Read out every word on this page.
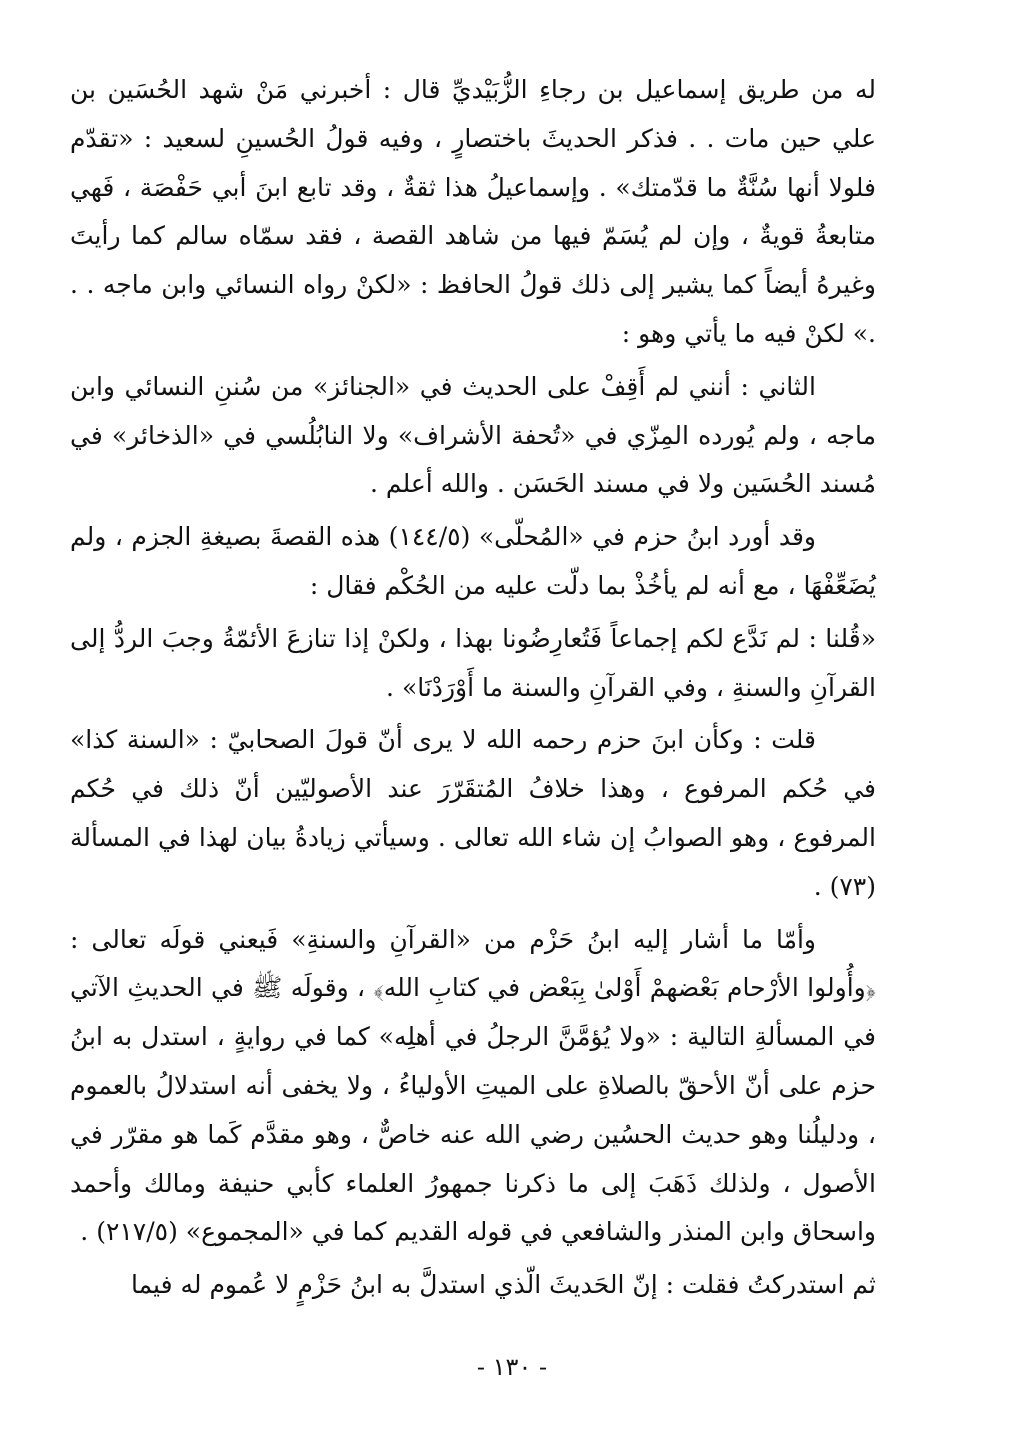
له من طريق إسماعيل بن رجاءِ الزُّبَيْديِّ قال : أخبرني مَنْ شهد الحُسَين بن علي حين مات . . فذكر الحديثَ باختصارٍ ، وفيه قولُ الحُسينِ لسعيد : «تقدّم فلولا أنها سُنَّةٌ ما قدّمتك» . وإسماعيلُ هذا ثقةٌ ، وقد تابع ابنَ أبي حَفْصَة ، فَهي متابعةُ قويةٌ ، وإن لم يُسَمّ فيها من شاهد القصة ، فقد سمّاه سالم كما رأيتَ وغيرهُ أيضاً كما يشير إلى ذلك قولُ الحافظ : «لكنْ رواه النسائي وابن ماجه . . .» لكنْ فيه ما يأتي وهو :

الثاني : أنني لم أَقِفْ على الحديث في «الجنائز» من سُننِ النسائي وابن ماجه ، ولم يُورده المِزّي في «تُحفة الأشراف» ولا النابُلُسي في «الذخائر» في مُسند الحُسَين ولا في مسند الحَسَن . والله أعلم .

وقد أورد ابنُ حزم في «المُحلّى» (١٤٤/٥) هذه القصةَ بصيغةِ الجزم ، ولم يُضَعِّفْهَا ، مع أنه لم يأخُذْ بما دلّت عليه من الحُكْم فقال :

«قُلنا : لم نَدَّع لكم إجماعاً فَتُعارِضُونا بهذا ، ولكنْ إذا تنازعَ الأئمّةُ وجبَ الردُّ إلى القرآنِ والسنةِ ، وفي القرآنِ والسنة ما أَوْرَدْنَا» .

قلت : وكأن ابنَ حزم رحمه الله لا يرى أنّ قولَ الصحابيّ : «السنة كذا» في حُكم المرفوع ، وهذا خلافُ المُتقَرّرَ عند الأصوليّين أنّ ذلك في حُكم المرفوع ، وهو الصوابُ إن شاء الله تعالى . وسيأتي زيادةُ بيان لهذا في المسألة (٧٣) .

وأمّا ما أشار إليه ابنُ حَزْم من «القرآنِ والسنةِ» فَيعني قولَه تعالى : ﴿وأُولوا الأرْحام بَعْضهمْ أَوْلىٰ بِبَعْض في كتابِ الله﴾ ، وقولَه ﷺ في الحديثِ الآتي في المسألةِ التالية : «ولا يُؤمَّنَّ الرجلُ في أهلِه» كما في روايةٍ ، استدل به ابنُ حزم على أنّ الأحقّ بالصلاةِ على الميتِ الأولياءُ ، ولا يخفى أنه استدلالُ بالعموم ، ودليلُنا وهو حديث الحسُين رضي الله عنه خاصٌّ ، وهو مقدَّم كَما هو مقرّر في الأصول ، ولذلك ذَهَبَ إلى ما ذكرنا جمهورُ العلماء كأبي حنيفة ومالك وأحمد واسحاق وابن المنذر والشافعي في قوله القديم كما في «المجموع» (٢١٧/٥) .

ثم استدركتُ فقلت : إنّ الحَديثَ الّذي استدلَّ به ابنُ حَزْمٍ لا عُموم له فيما

- ١٣٠ -
